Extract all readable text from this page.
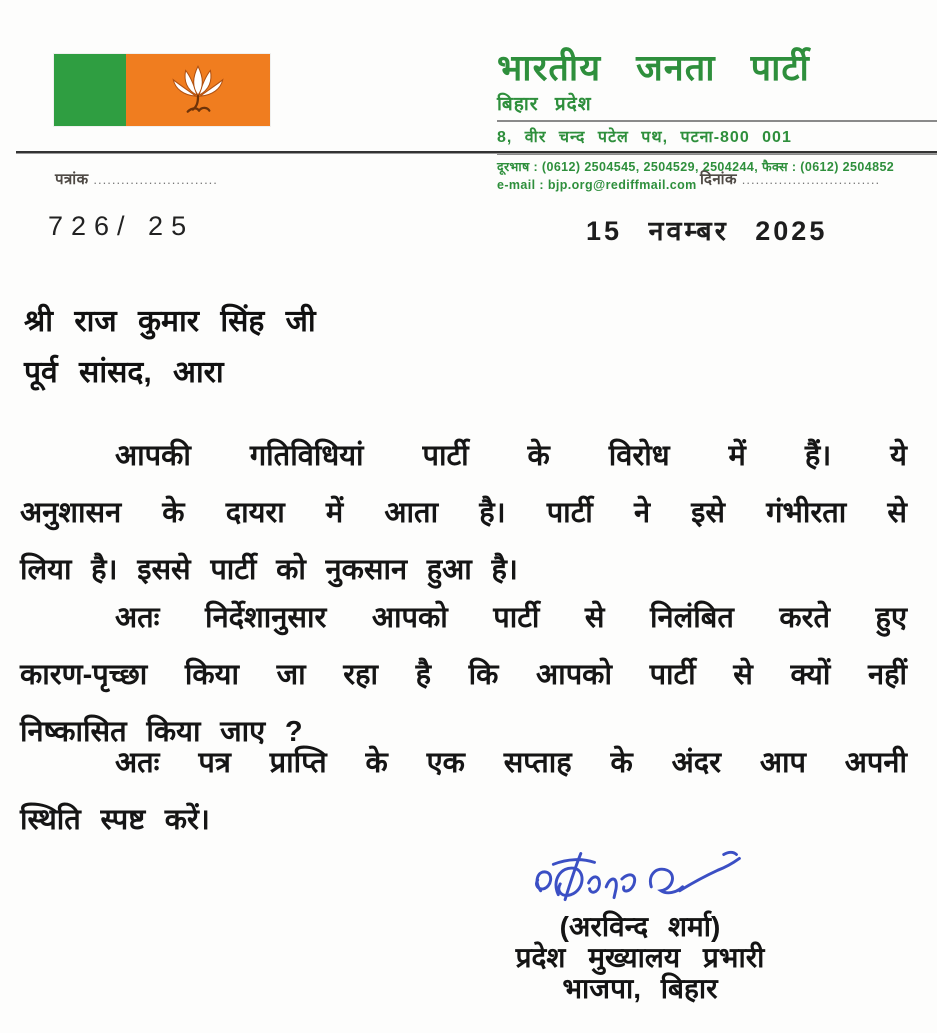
भारतीय जनता पार्टी
बिहार प्रदेश
8, वीर चन्द पटेल पथ, पटना-800 001
दूरभाष : (0612) 2504545, 2504529, 2504244, फैक्स : (0612) 2504852
e-mail : bjp.org@rediffmail.com
पत्रांक ...........................	दिनांक ..............................
726/ 25	15 नवम्बर 2025
श्री राज कुमार सिंह जी
पूर्व सांसद, आरा
आपकी गतिविधियां पार्टी के विरोध में हैं। ये
अनुशासन के दायरा में आता है। पार्टी ने इसे गंभीरता से
लिया है। इससे पार्टी को नुकसान हुआ है।
अतः निर्देशानुसार आपको पार्टी से निलंबित करते हुए
कारण-पृच्छा किया जा रहा है कि आपको पार्टी से क्यों नहीं
निष्कासित किया जाए ?
अतः पत्र प्राप्ति के एक सप्ताह के अंदर आप अपनी
स्थिति स्पष्ट करें।
(अरविन्द शर्मा)
प्रदेश मुख्यालय प्रभारी
भाजपा, बिहार
